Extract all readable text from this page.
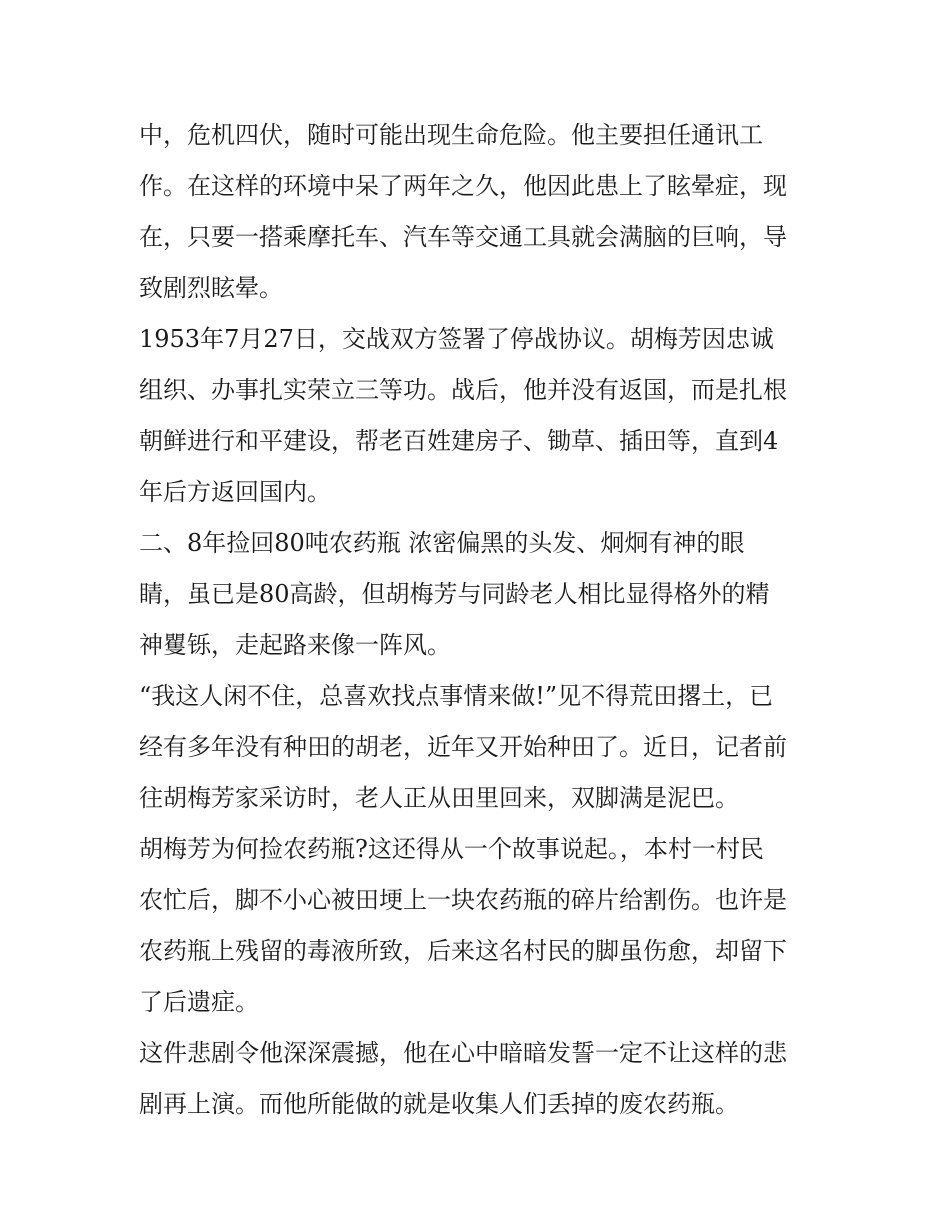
中，危机四伏，随时可能出现生命危险。他主要担任通讯工
作。在这样的环境中呆了两年之久，他因此患上了眩晕症，现
在，只要一搭乘摩托车、汽车等交通工具就会满脑的巨响，导
致剧烈眩晕。
1953年7月27日，交战双方签署了停战协议。胡梅芳因忠诚
组织、办事扎实荣立三等功。战后，他并没有返国，而是扎根
朝鲜进行和平建设，帮老百姓建房子、锄草、插田等，直到4
年后方返回国内。
二、8年捡回80吨农药瓶 浓密偏黑的头发、炯炯有神的眼
睛，虽已是80高龄，但胡梅芳与同龄老人相比显得格外的精
神矍铄，走起路来像一阵风。
“我这人闲不住，总喜欢找点事情来做!”见不得荒田撂土，已
经有多年没有种田的胡老，近年又开始种田了。近日，记者前
往胡梅芳家采访时，老人正从田里回来，双脚满是泥巴。
胡梅芳为何捡农药瓶?这还得从一个故事说起。，本村一村民
农忙后，脚不小心被田埂上一块农药瓶的碎片给割伤。也许是
农药瓶上残留的毒液所致，后来这名村民的脚虽伤愈，却留下
了后遗症。
这件悲剧令他深深震撼，他在心中暗暗发誓一定不让这样的悲
剧再上演。而他所能做的就是收集人们丢掉的废农药瓶。
